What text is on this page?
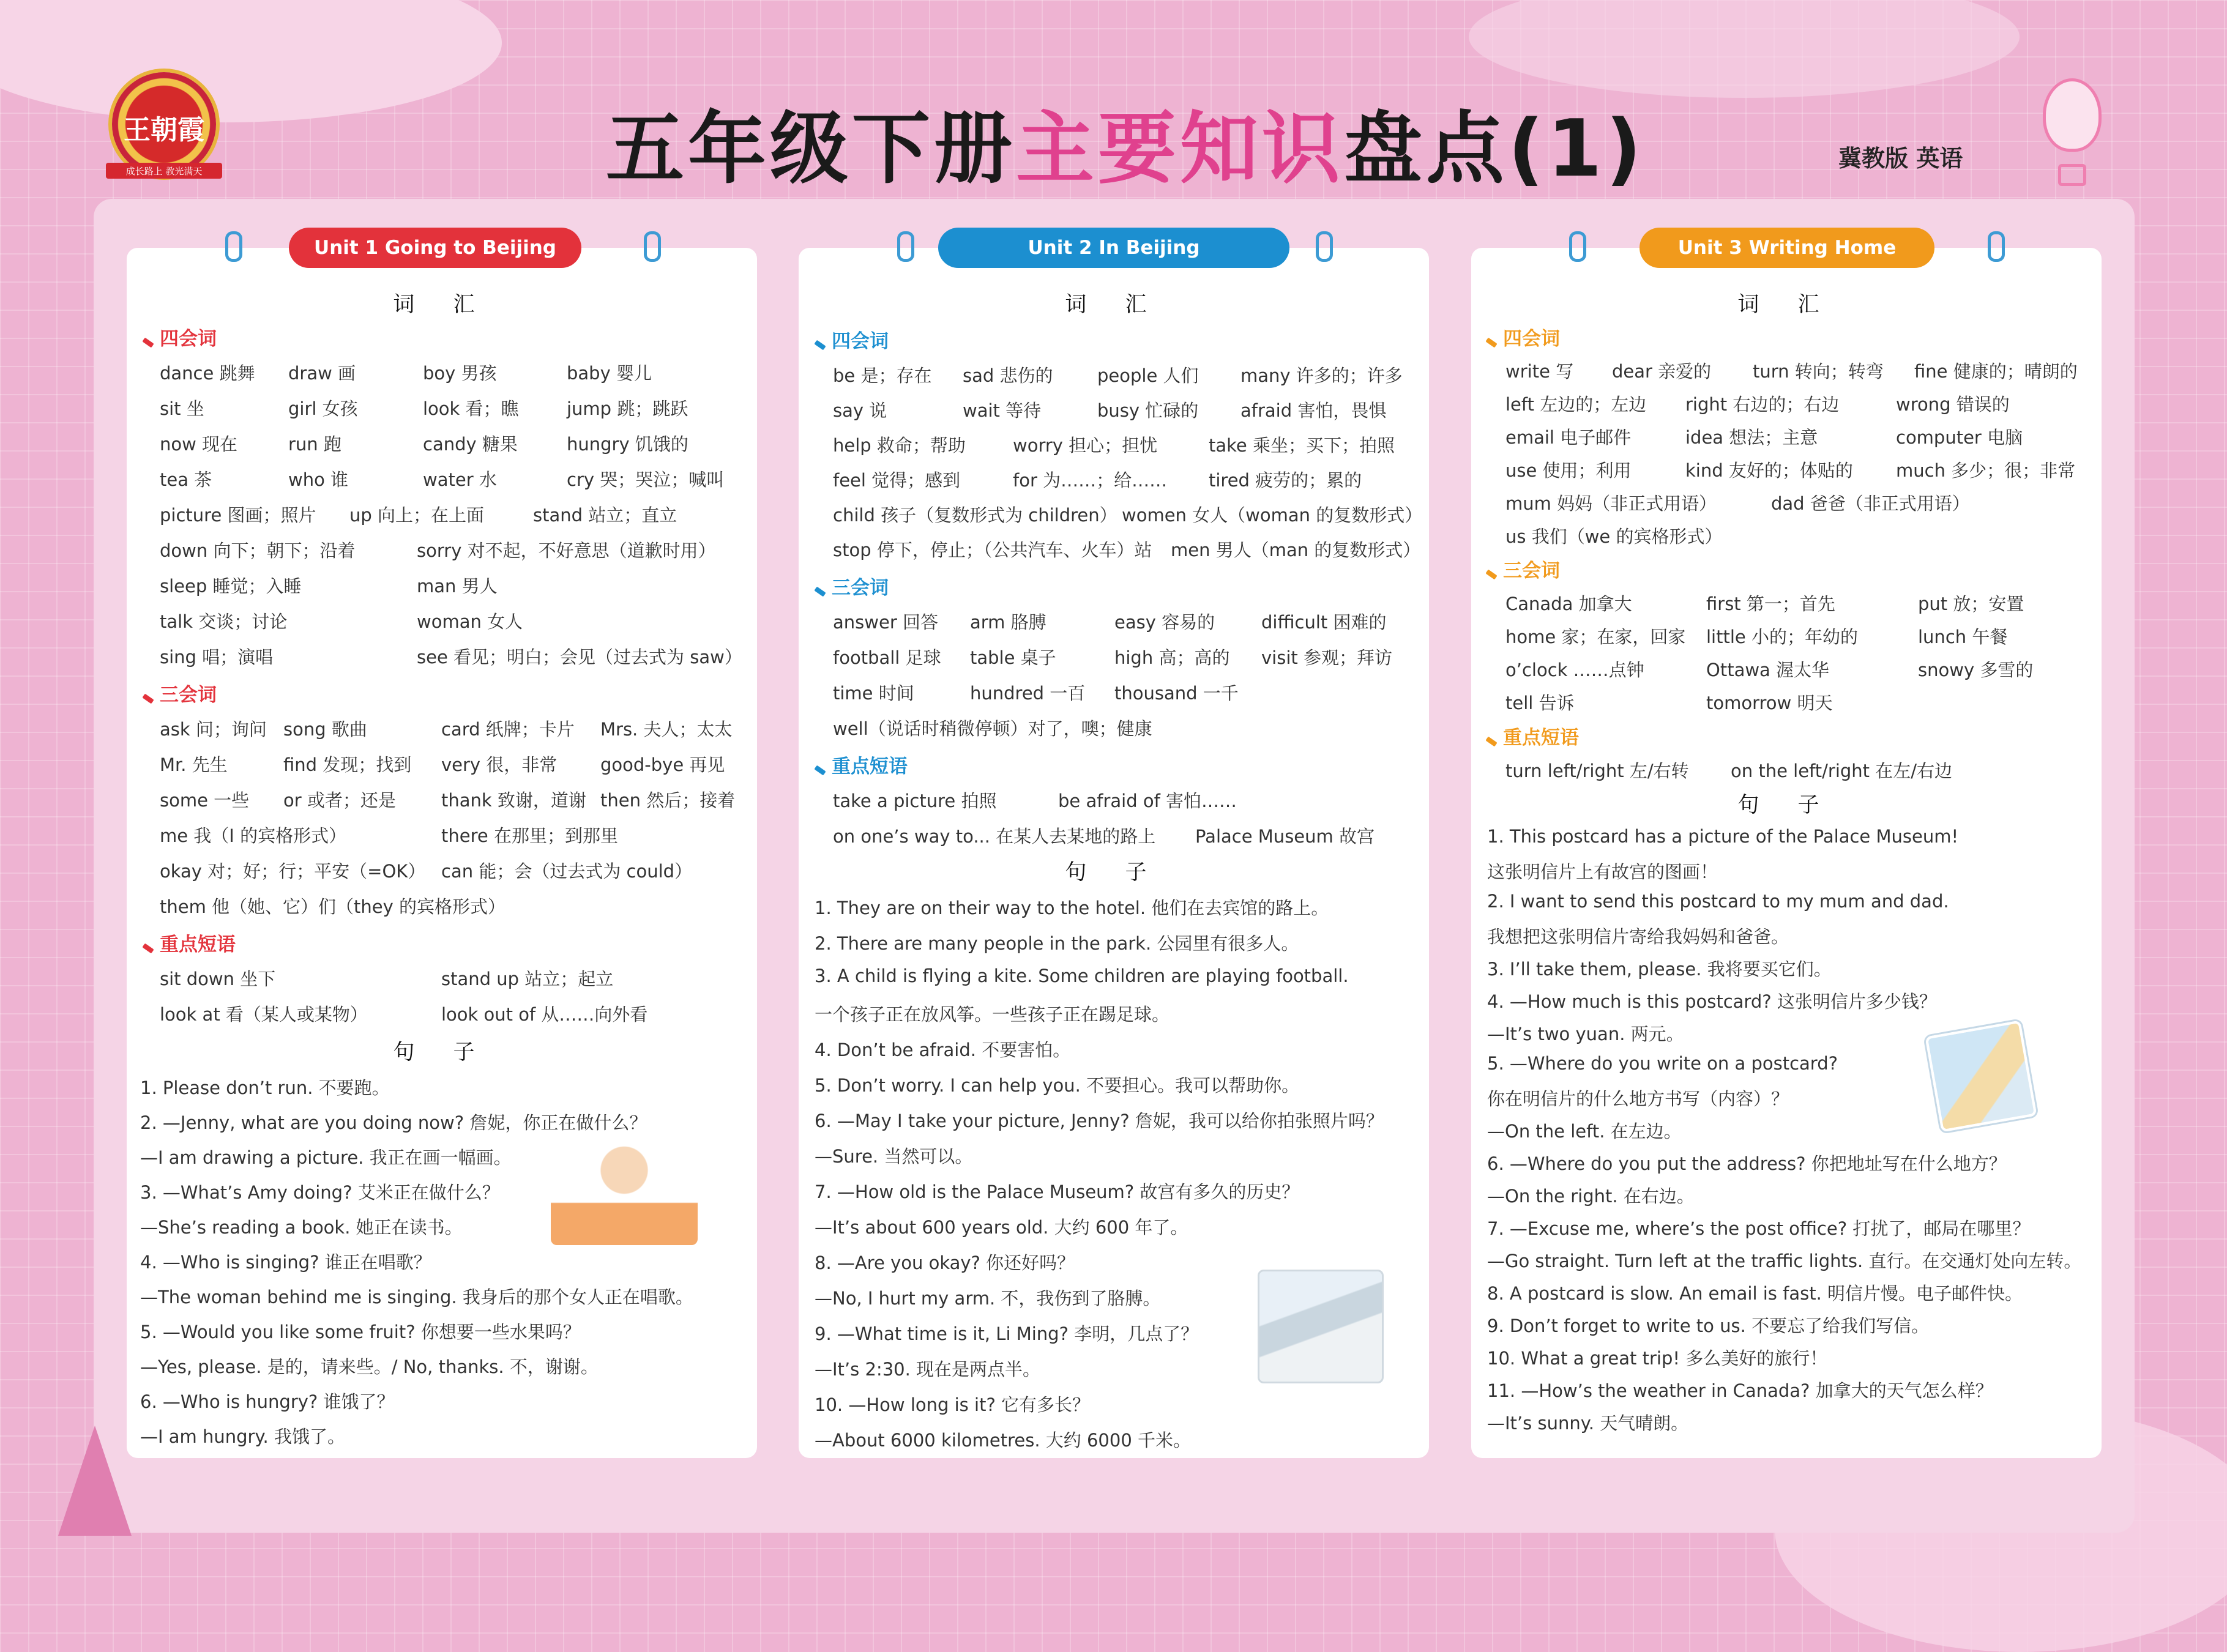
王朝霞
成长路上 教光满天	五年级下册主要知识盘点(1)	冀教版 英语
Unit 1 Going to Beijing	Unit 2 In Beijing	Unit 3 Writing Home
词 汇
四会词
dance 跳舞 draw 画	boy 男孩	baby 婴儿
sit 坐	girl 女孩	look 看；瞧	jump 跳；跳跃
now 现在	run 跑	candy 糖果	hungry 饥饿的
tea 茶	who 谁	water 水	cry 哭；哭泣；喊叫
picture 图画；照片 up 向上；在上面	stand 站立；直立
down 向下；朝下；沿着	sorry 对不起，不好意思（道歉时用）
sleep 睡觉；入睡	man 男人
talk 交谈；讨论	woman 女人
sing 唱；演唱	see 看见；明白；会见（过去式为 saw）
三会词
ask 问；询问 song 歌曲	card 纸牌；卡片 Mrs. 夫人；太太
Mr. 先生	find 发现；找到 very 很，非常 good-bye 再见
some 一些 or 或者；还是	thank 致谢，道谢 then 然后；接着
me 我（I 的宾格形式）	there 在那里；到那里
okay 对；好；行；平安（=OK） can 能；会（过去式为 could）
them 他（她、它）们（they 的宾格形式）
重点短语
sit down 坐下	stand up 站立；起立
look at 看（某人或某物）	look out of 从……向外看
句 子
1. Please don’t run. 不要跑。
2. —Jenny, what are you doing now? 詹妮，你正在做什么？
—I am drawing a picture. 我正在画一幅画。
3. —What’s Amy doing? 艾米正在做什么？
—She’s reading a book. 她正在读书。
4. —Who is singing? 谁正在唱歌？
—The woman behind me is singing. 我身后的那个女人正在唱歌。
5. —Would you like some fruit? 你想要一些水果吗？
—Yes, please. 是的，请来些。/ No, thanks. 不，谢谢。
6. —Who is hungry? 谁饿了？
—I am hungry. 我饿了。
词 汇
四会词
be 是；存在 sad 悲伤的 people 人们 many 许多的；许多
say 说	wait 等待	busy 忙碌的 afraid 害怕，畏惧
help 救命；帮助	worry 担心；担忧	take 乘坐；买下；拍照
feel 觉得；感到	for 为……；给…… tired 疲劳的；累的
child 孩子（复数形式为 children） women 女人（woman 的复数形式）
stop 停下，停止；（公共汽车、火车）站 men 男人（man 的复数形式）
三会词
answer 回答 arm 胳膊	easy 容易的	difficult 困难的
football 足球 table 桌子	high 高；高的 visit 参观；拜访
time 时间	hundred 一百 thousand 一千
well（说话时稍微停顿）对了，噢；健康
重点短语
take a picture 拍照	be afraid of 害怕……
on one’s way to... 在某人去某地的路上 Palace Museum 故宫
句 子
1. They are on their way to the hotel. 他们在去宾馆的路上。
2. There are many people in the park. 公园里有很多人。
3. A child is flying a kite. Some children are playing football.
一个孩子正在放风筝。一些孩子正在踢足球。
4. Don’t be afraid. 不要害怕。
5. Don’t worry. I can help you. 不要担心。我可以帮助你。
6. —May I take your picture, Jenny? 詹妮，我可以给你拍张照片吗？
—Sure. 当然可以。
7. —How old is the Palace Museum? 故宫有多久的历史？
—It’s about 600 years old. 大约 600 年了。
8. —Are you okay? 你还好吗？
—No, I hurt my arm. 不，我伤到了胳膊。
9. —What time is it, Li Ming? 李明，几点了？
—It’s 2:30. 现在是两点半。
10. —How long is it? 它有多长？
—About 6000 kilometres. 大约 6000 千米。
词 汇
四会词
write 写 dear 亲爱的 turn 转向；转弯 fine 健康的；晴朗的
left 左边的；左边 right 右边的；右边	wrong 错误的
email 电子邮件	idea 想法；主意	computer 电脑
use 使用；利用	kind 友好的；体贴的 much 多少；很；非常
mum 妈妈（非正式用语）	dad 爸爸（非正式用语）
us 我们（we 的宾格形式）
三会词
Canada 加拿大	first 第一；首先	put 放；安置
home 家；在家，回家 little 小的；年幼的	lunch 午餐
o’clock ……点钟	Ottawa 渥太华	snowy 多雪的
tell 告诉	tomorrow 明天
重点短语
turn left/right 左/右转 on the left/right 在左/右边
句 子
1. This postcard has a picture of the Palace Museum!
这张明信片上有故宫的图画！
2. I want to send this postcard to my mum and dad.
我想把这张明信片寄给我妈妈和爸爸。
3. I’ll take them, please. 我将要买它们。
4. —How much is this postcard? 这张明信片多少钱？
—It’s two yuan. 两元。
5. —Where do you write on a postcard?
你在明信片的什么地方书写（内容）？
—On the left. 在左边。
6. —Where do you put the address? 你把地址写在什么地方？
—On the right. 在右边。
7. —Excuse me, where’s the post office? 打扰了，邮局在哪里？
—Go straight. Turn left at the traffic lights. 直行。在交通灯处向左转。
8. A postcard is slow. An email is fast. 明信片慢。电子邮件快。
9. Don’t forget to write to us. 不要忘了给我们写信。
10. What a great trip! 多么美好的旅行！
11. —How’s the weather in Canada? 加拿大的天气怎么样？
—It’s sunny. 天气晴朗。
